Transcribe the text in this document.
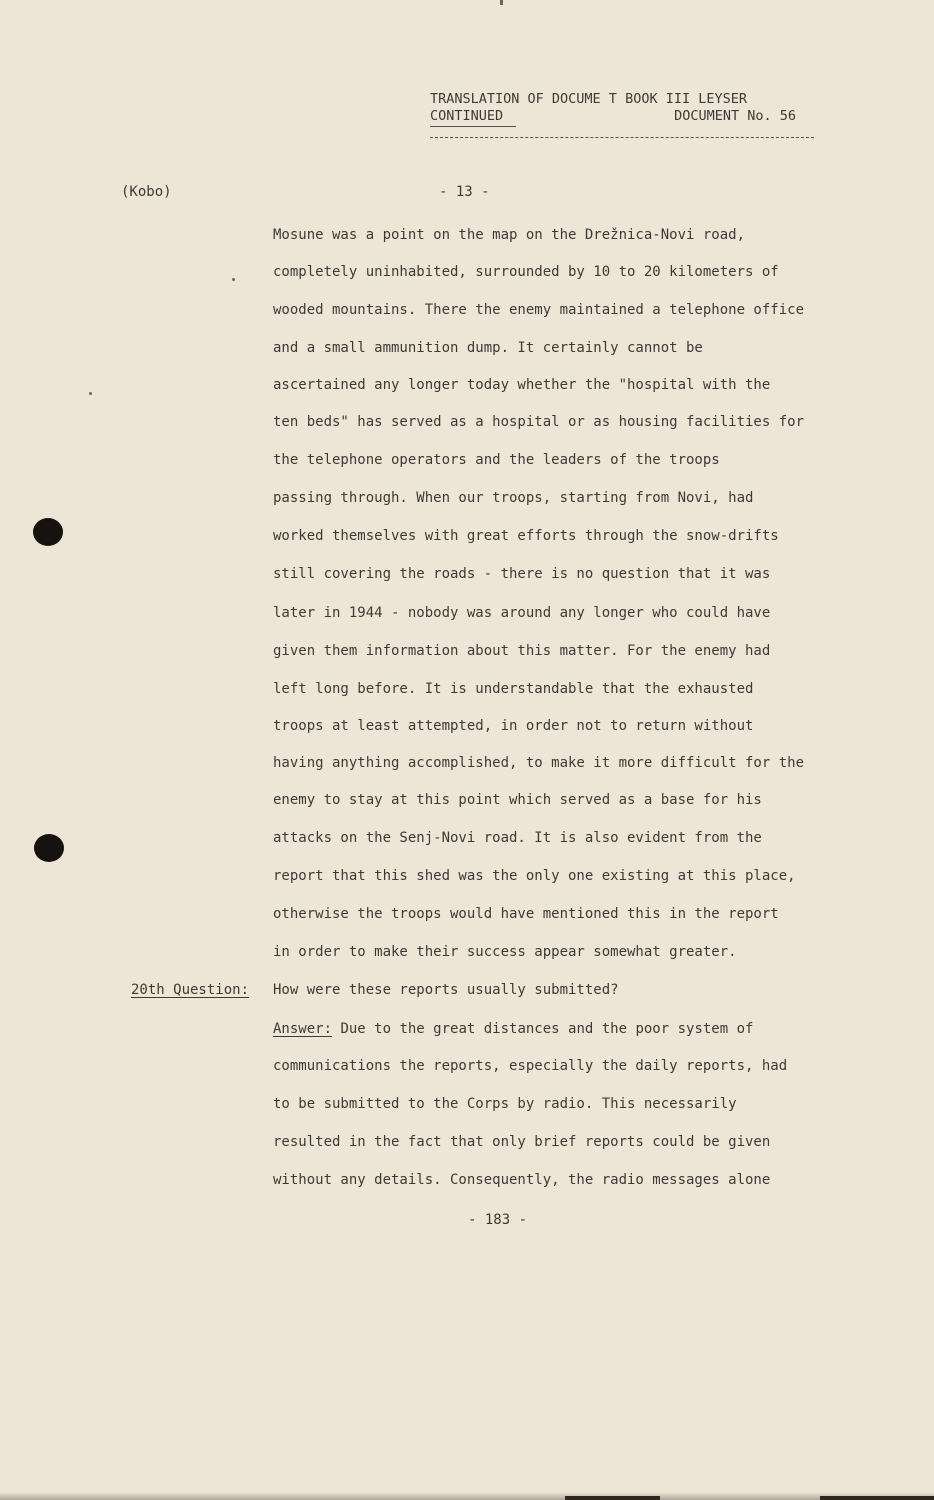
TRANSLATION OF DOCUME T BOOK III LEYSER
CONTINUED	DOCUMENT No. 56
(Kobo)	- 13 -
Mosune was a point on the map on the Drežnica-Novi road,
completely uninhabited, surrounded by 10 to 20 kilometers of
wooded mountains. There the enemy maintained a telephone office
and a small ammunition dump. It certainly cannot be
ascertained any longer today whether the "hospital with the
ten beds" has served as a hospital or as housing facilities for
the telephone operators and the leaders of the troops
passing through. When our troops, starting from Novi, had
worked themselves with great efforts through the snow-drifts
still covering the roads - there is no question that it was
later in 1944 - nobody was around any longer who could have
given them information about this matter. For the enemy had
left long before. It is understandable that the exhausted
troops at least attempted, in order not to return without
having anything accomplished, to make it more difficult for the
enemy to stay at this point which served as a base for his
attacks on the Senj-Novi road. It is also evident from the
report that this shed was the only one existing at this place,
otherwise the troops would have mentioned this in the report
in order to make their success appear somewhat greater.
20th Question: How were these reports usually submitted?
Answer: Due to the great distances and the poor system of
communications the reports, especially the daily reports, had
to be submitted to the Corps by radio. This necessarily
resulted in the fact that only brief reports could be given
without any details. Consequently, the radio messages alone
- 183 -
